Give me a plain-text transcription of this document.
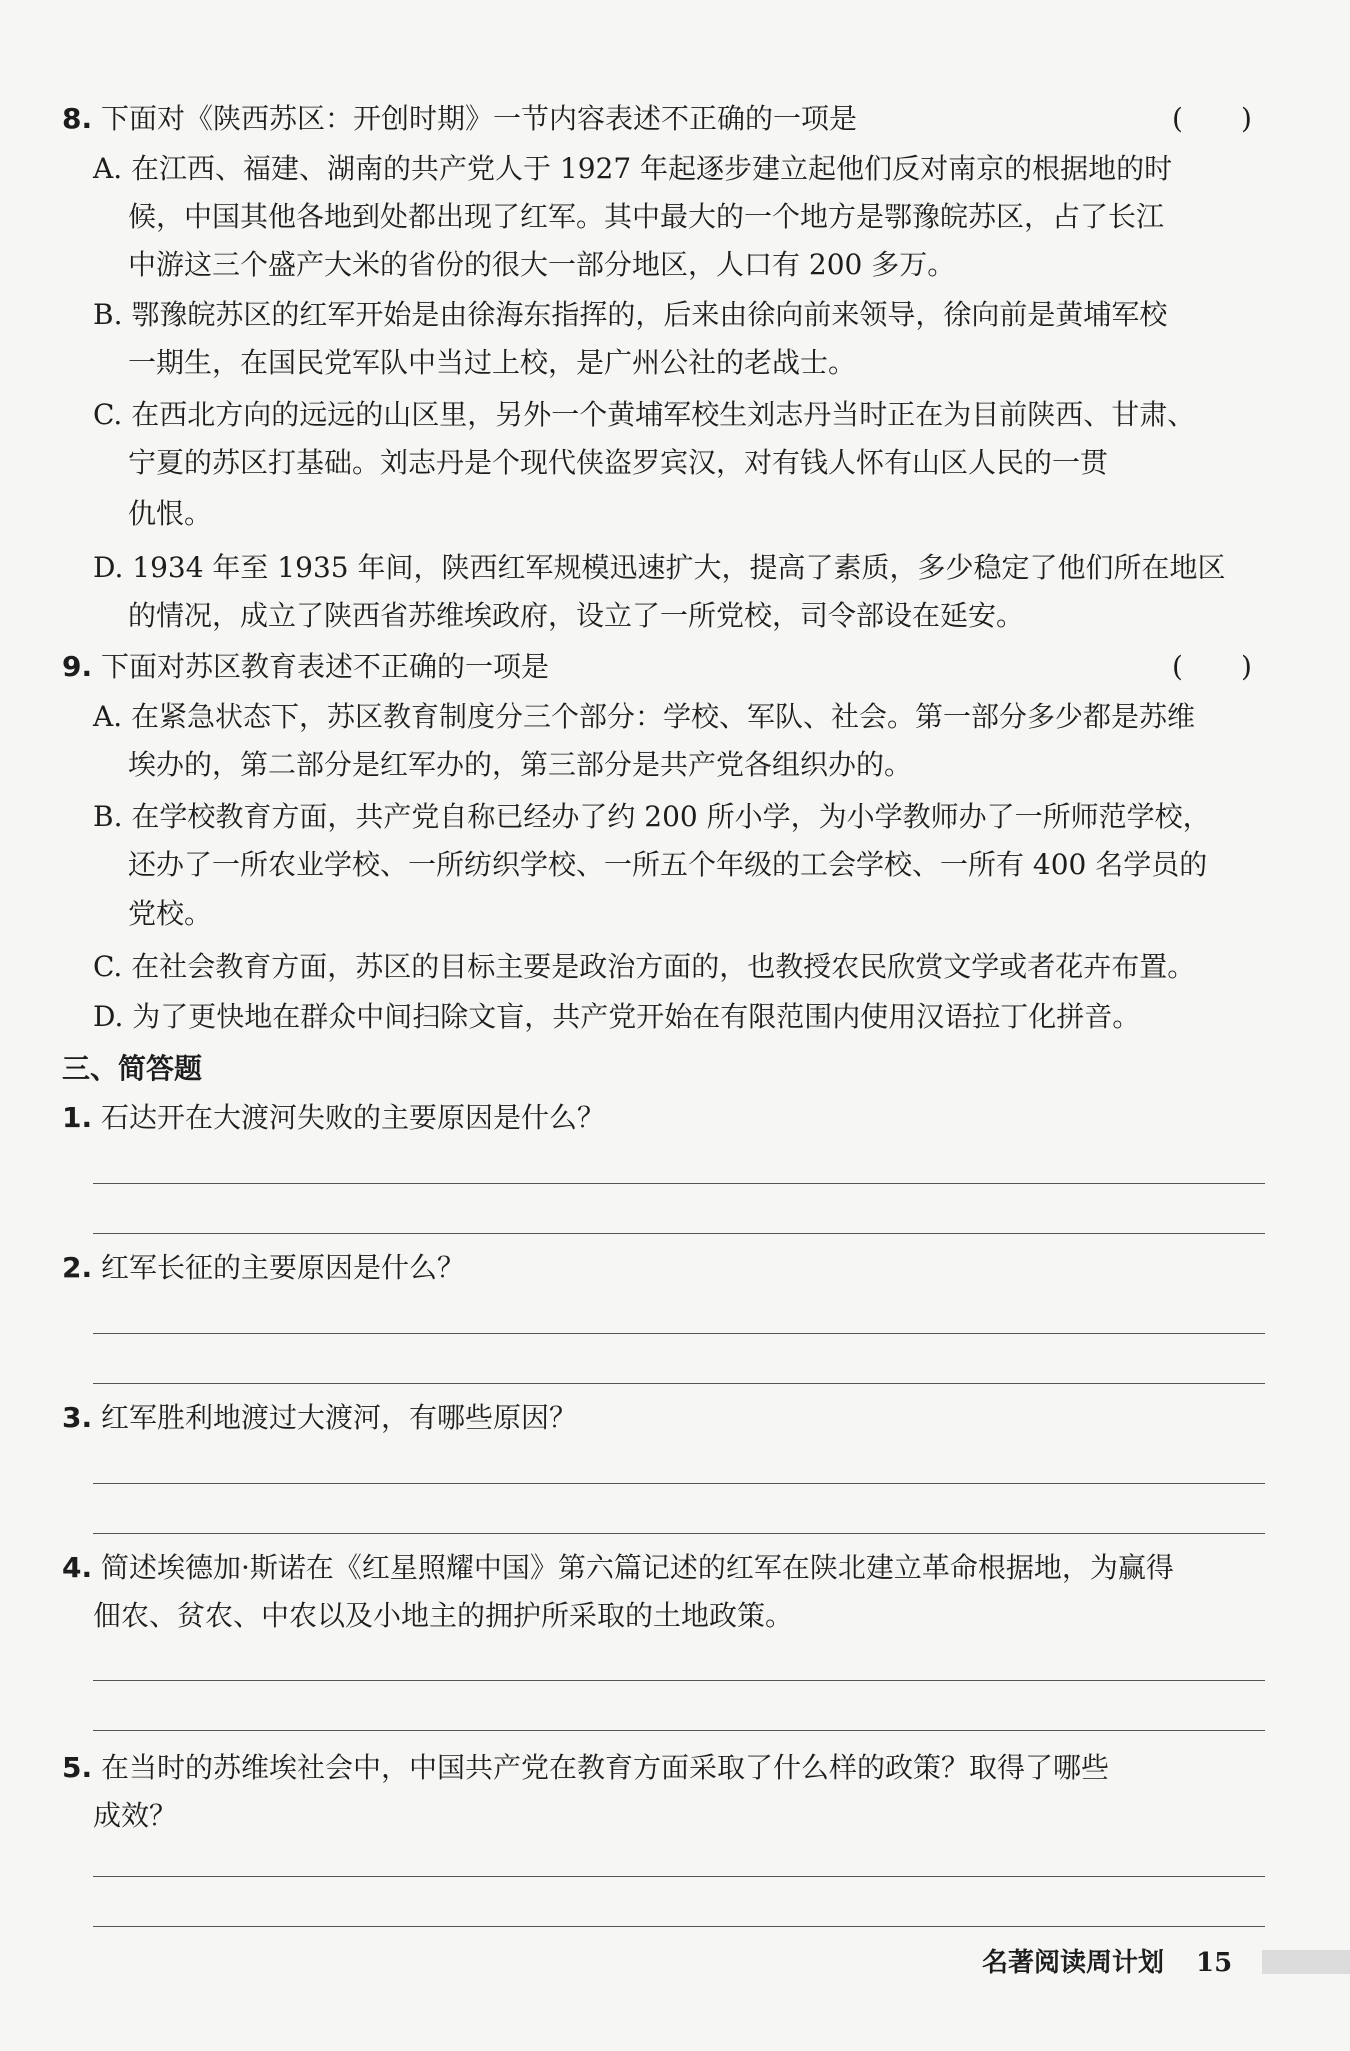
8. 下面对《陕西苏区：开创时期》一节内容表述不正确的一项是	( )
A. 在江西、福建、湖南的共产党人于 1927 年起逐步建立起他们反对南京的根据地的时
候，中国其他各地到处都出现了红军。其中最大的一个地方是鄂豫皖苏区，占了长江
中游这三个盛产大米的省份的很大一部分地区，人口有 200 多万。
B. 鄂豫皖苏区的红军开始是由徐海东指挥的，后来由徐向前来领导，徐向前是黄埔军校
一期生，在国民党军队中当过上校，是广州公社的老战士。
C. 在西北方向的远远的山区里，另外一个黄埔军校生刘志丹当时正在为目前陕西、甘肃、
宁夏的苏区打基础。刘志丹是个现代侠盗罗宾汉，对有钱人怀有山区人民的一贯
仇恨。
D. 1934 年至 1935 年间，陕西红军规模迅速扩大，提高了素质，多少稳定了他们所在地区
的情况，成立了陕西省苏维埃政府，设立了一所党校，司令部设在延安。
9. 下面对苏区教育表述不正确的一项是	( )
A. 在紧急状态下，苏区教育制度分三个部分：学校、军队、社会。第一部分多少都是苏维
埃办的，第二部分是红军办的，第三部分是共产党各组织办的。
B. 在学校教育方面，共产党自称已经办了约 200 所小学，为小学教师办了一所师范学校，
还办了一所农业学校、一所纺织学校、一所五个年级的工会学校、一所有 400 名学员的
党校。
C. 在社会教育方面，苏区的目标主要是政治方面的，也教授农民欣赏文学或者花卉布置。
D. 为了更快地在群众中间扫除文盲，共产党开始在有限范围内使用汉语拉丁化拼音。
三、简答题
1. 石达开在大渡河失败的主要原因是什么？
2. 红军长征的主要原因是什么？
3. 红军胜利地渡过大渡河，有哪些原因？
4. 简述埃德加·斯诺在《红星照耀中国》第六篇记述的红军在陕北建立革命根据地，为赢得
佃农、贫农、中农以及小地主的拥护所采取的土地政策。
5. 在当时的苏维埃社会中，中国共产党在教育方面采取了什么样的政策？取得了哪些
成效？
名著阅读周计划 15
